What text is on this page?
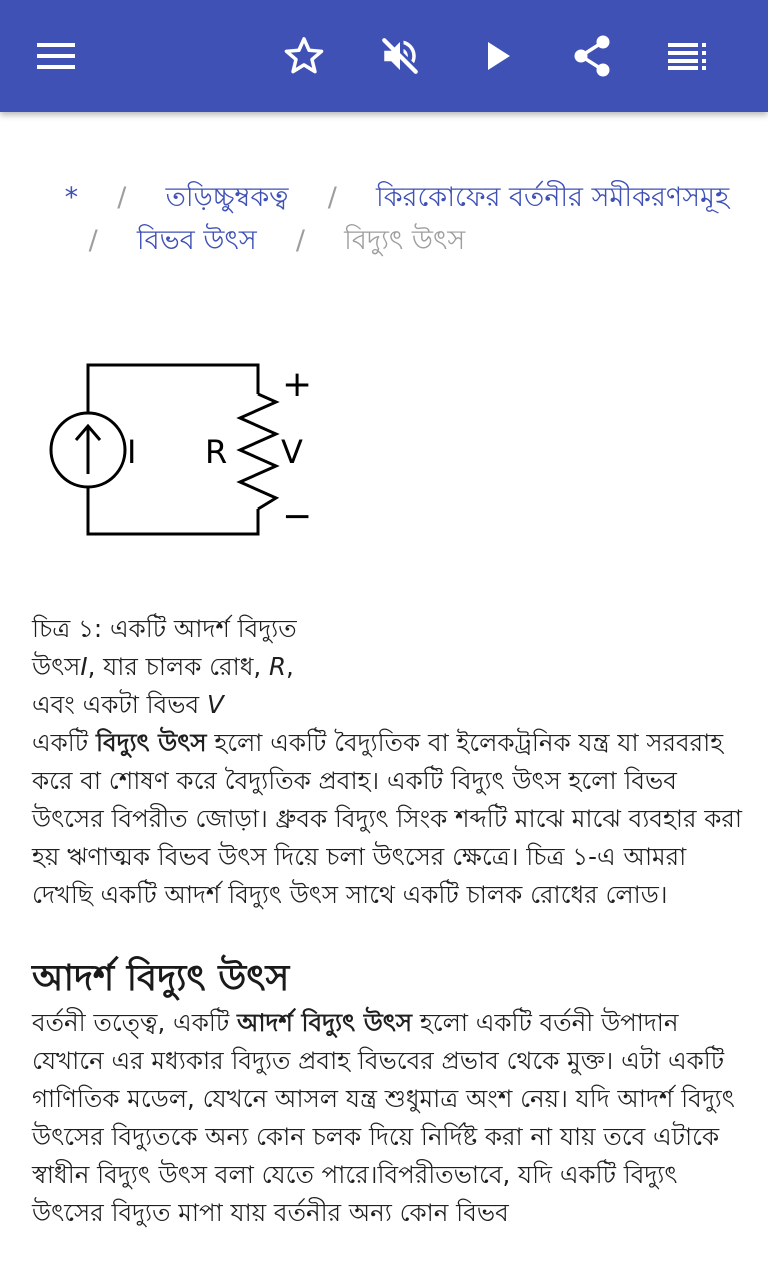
* / তড়িচ্চুম্বকত্ব / কিরকোফের বর্তনীর সমীকরণসমূহ
/ বিভব উৎস / বিদ্যুৎ উৎস
I R V
+
−

চিত্র ১: একটি আদর্শ বিদ্যুত
উৎসI, যার চালক রোধ, R,
এবং একটা বিভব V

একটি বিদ্যুৎ উৎস হলো একটি বৈদ্যুতিক বা ইলেকট্রনিক যন্ত্র যা সরবরাহ করে বা শোষণ করে বৈদ্যুতিক প্রবাহ। একটি বিদ্যুৎ উৎস হলো বিভব উৎসের বিপরীত জোড়া। ধ্রুবক বিদ্যুৎ সিংক শব্দটি মাঝে মাঝে ব্যবহার করা হয় ঋণাত্মক বিভব উৎস দিয়ে চলা উৎসের ক্ষেত্রে। চিত্র ১-এ আমরা দেখছি একটি আদর্শ বিদ্যুৎ উৎস সাথে একটি চালক রোধের লোড।

আদর্শ বিদ্যুৎ উৎস

বর্তনী তত্ত্বে, একটি আদর্শ বিদ্যুৎ উৎস হলো একটি বর্তনী উপাদান যেখানে এর মধ্যকার বিদ্যুত প্রবাহ বিভবের প্রভাব থেকে মুক্ত। এটা একটি গাণিতিক মডেল, যেখনে আসল যন্ত্র শুধুমাত্র অংশ নেয়। যদি আদর্শ বিদ্যুৎ উৎসের বিদ্যুতকে অন্য কোন চলক দিয়ে নির্দিষ্ট করা না যায় তবে এটাকে স্বাধীন বিদ্যুৎ উৎস বলা যেতে পারে।বিপরীতভাবে, যদি একটি বিদ্যুৎ উৎসের বিদ্যুত মাপা যায় বর্তনীর অন্য কোন বিভব
